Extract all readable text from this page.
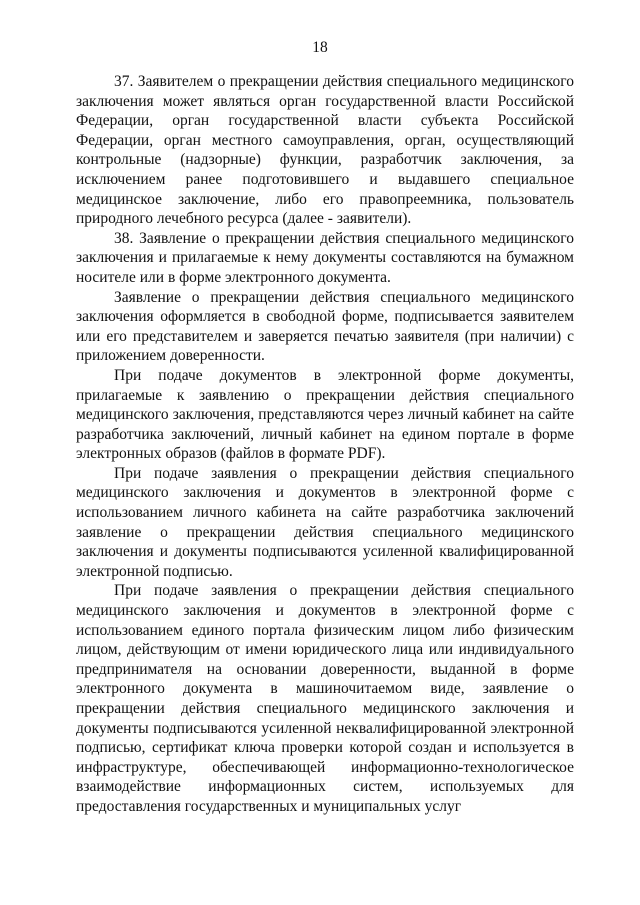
18

37. Заявителем о прекращении действия специального медицинского заключения может являться орган государственной власти Российской Федерации, орган государственной власти субъекта Российской Федерации, орган местного самоуправления, орган, осуществляющий контрольные (надзорные) функции, разработчик заключения, за исключением ранее подготовившего и выдавшего специальное медицинское заключение, либо его правопреемника, пользователь природного лечебного ресурса (далее - заявители).

38. Заявление о прекращении действия специального медицинского заключения и прилагаемые к нему документы составляются на бумажном носителе или в форме электронного документа.

Заявление о прекращении действия специального медицинского заключения оформляется в свободной форме, подписывается заявителем или его представителем и заверяется печатью заявителя (при наличии) с приложением доверенности.

При подаче документов в электронной форме документы, прилагаемые к заявлению о прекращении действия специального медицинского заключения, представляются через личный кабинет на сайте разработчика заключений, личный кабинет на едином портале в форме электронных образов (файлов в формате PDF).

При подаче заявления о прекращении действия специального медицинского заключения и документов в электронной форме с использованием личного кабинета на сайте разработчика заключений заявление о прекращении действия специального медицинского заключения и документы подписываются усиленной квалифицированной электронной подписью.

При подаче заявления о прекращении действия специального медицинского заключения и документов в электронной форме с использованием единого портала физическим лицом либо физическим лицом, действующим от имени юридического лица или индивидуального предпринимателя на основании доверенности, выданной в форме электронного документа в машиночитаемом виде, заявление о прекращении действия специального медицинского заключения и документы подписываются усиленной неквалифицированной электронной подписью, сертификат ключа проверки которой создан и используется в инфраструктуре, обеспечивающей информационно-технологическое взаимодействие информационных систем, используемых для предоставления государственных и муниципальных услуг
